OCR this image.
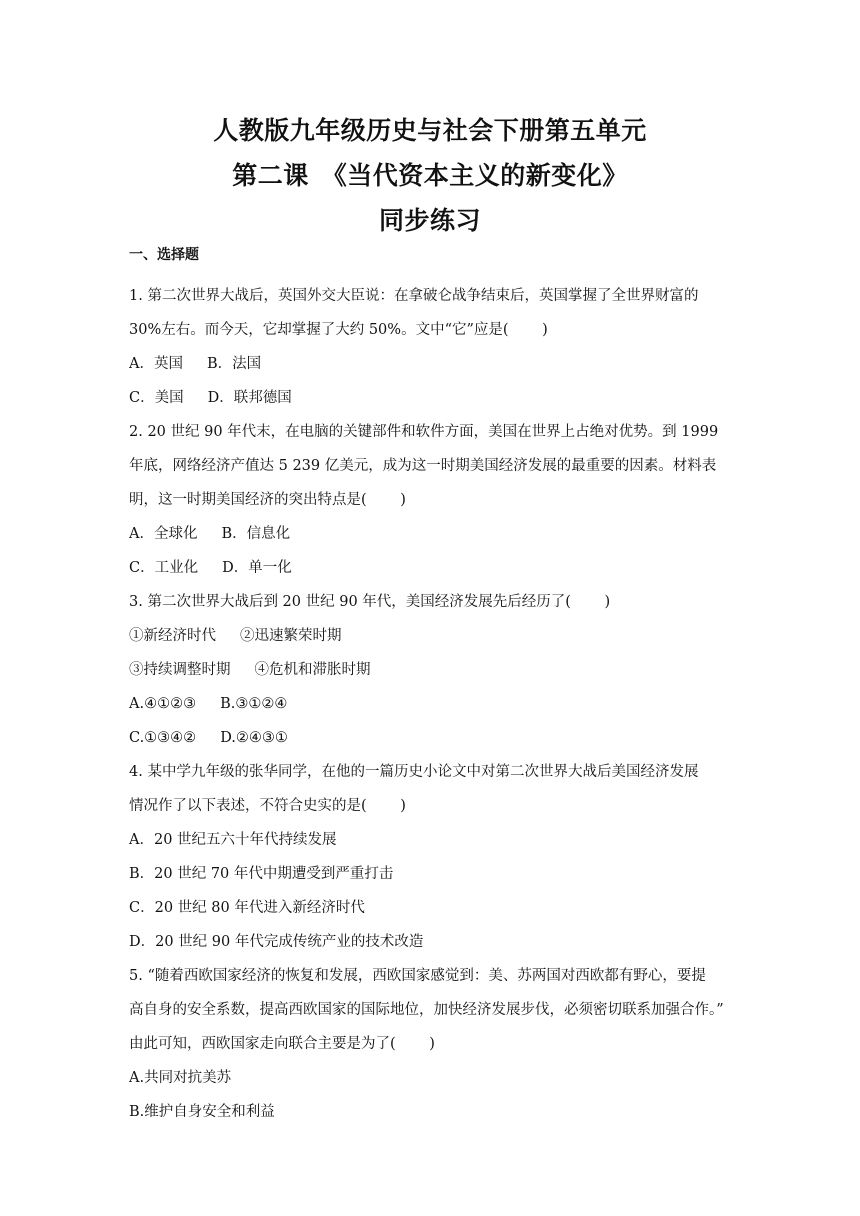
人教版九年级历史与社会下册第五单元

第二课　《当代资本主义的新变化》

同步练习

一、选择题
1. 第二次世界大战后，英国外交大臣说：在拿破仑战争结束后，英国掌握了全世界财富的
30%左右。而今天，它却掌握了大约 50%。文中“它”应是(　　 )
A．英国 B．法国
C．美国 D．联邦德国
2. 20 世纪 90 年代末，在电脑的关键部件和软件方面，美国在世界上占绝对优势。到 1999
年底，网络经济产值达 5 239 亿美元，成为这一时期美国经济发展的最重要的因素。材料表
明，这一时期美国经济的突出特点是(　　 )
A．全球化 B．信息化
C．工业化 D．单一化
3. 第二次世界大战后到 20 世纪 90 年代，美国经济发展先后经历了(　　 )
①新经济时代 ②迅速繁荣时期
③持续调整时期 ④危机和滞胀时期
A.④①②③ B.③①②④
C.①③④② D.②④③①
4. 某中学九年级的张华同学，在他的一篇历史小论文中对第二次世界大战后美国经济发展
情况作了以下表述，不符合史实的是(　　 )
A．20 世纪五六十年代持续发展
B．20 世纪 70 年代中期遭受到严重打击
C．20 世纪 80 年代进入新经济时代
D．20 世纪 90 年代完成传统产业的技术改造
5. “随着西欧国家经济的恢复和发展，西欧国家感觉到：美、苏两国对西欧都有野心，要提
高自身的安全系数，提高西欧国家的国际地位，加快经济发展步伐，必须密切联系加强合作。”
由此可知，西欧国家走向联合主要是为了(　　 )
A.共同对抗美苏
B.维护自身安全和利益
